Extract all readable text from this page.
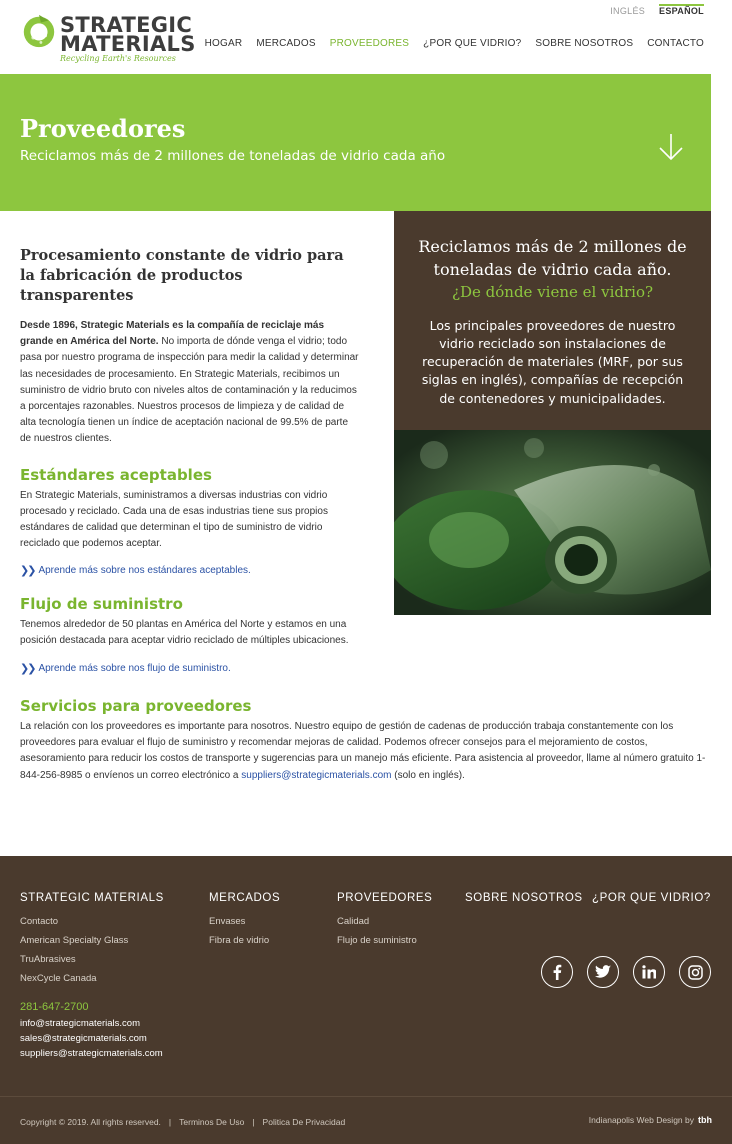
STRATEGIC
MATERIALS
Recycling Earth's Resources
INGLÉS ESPAÑOL
HOGAR MERCADOS PROVEEDORES ¿POR QUE VIDRIO? SOBRE NOSOTROS CONTACTO
Proveedores
Reciclamos más de 2 millones de toneladas de vidrio cada año
Procesamiento constante de vidrio para la fabricación de productos transparentes

Desde 1896, Strategic Materials es la compañía de reciclaje más grande en América del Norte. No importa de dónde venga el vidrio; todo pasa por nuestro programa de inspección para medir la calidad y determinar las necesidades de procesamiento. En Strategic Materials, recibimos un suministro de vidrio bruto con niveles altos de contaminación y la reducimos a porcentajes razonables. Nuestros procesos de limpieza y de calidad de alta tecnología tienen un índice de aceptación nacional de 99.5% de parte de nuestros clientes.

Estándares aceptables

En Strategic Materials, suministramos a diversas industrias con vidrio procesado y reciclado. Cada una de esas industrias tiene sus propios estándares de calidad que determinan el tipo de suministro de vidrio reciclado que podemos aceptar.

❯❯ Aprende más sobre nos estándares aceptables.
Flujo de suministro

Tenemos alrededor de 50 plantas en América del Norte y estamos en una posición destacada para aceptar vidrio reciclado de múltiples ubicaciones.

❯❯ Aprende más sobre nos flujo de suministro.
Servicios para proveedores

La relación con los proveedores es importante para nosotros. Nuestro equipo de gestión de cadenas de producción trabaja constantemente con los proveedores para evaluar el flujo de suministro y recomendar mejoras de calidad. Podemos ofrecer consejos para el mejoramiento de costos, asesoramiento para reducir los costos de transporte y sugerencias para un manejo más eficiente. Para asistencia al proveedor, llame al número gratuito 1-844-256-8985 o envíenos un correo electrónico a suppliers@strategicmaterials.com (solo en inglés).

Reciclamos más de 2 millones de toneladas de vidrio cada año.
¿De dónde viene el vidrio?
Los principales proveedores de nuestro vidrio reciclado son instalaciones de recuperación de materiales (MRF, por sus siglas en inglés), compañías de recepción de contenedores y municipalidades.
STRATEGIC MATERIALS
Contacto
American Specialty Glass
TruAbrasives
NexCycle Canada
MERCADOS
Envases
Fibra de vidrio
PROVEEDORES
Calidad
Flujo de suministro
SOBRE NOSOTROS ¿POR QUE VIDRIO?
281-647-2700
info@strategicmaterials.com
sales@strategicmaterials.com
suppliers@strategicmaterials.com
Copyright © 2019. All rights reserved. | Terminos De Uso | Politica De Privacidad	Indianapolis Web Design by tbh
